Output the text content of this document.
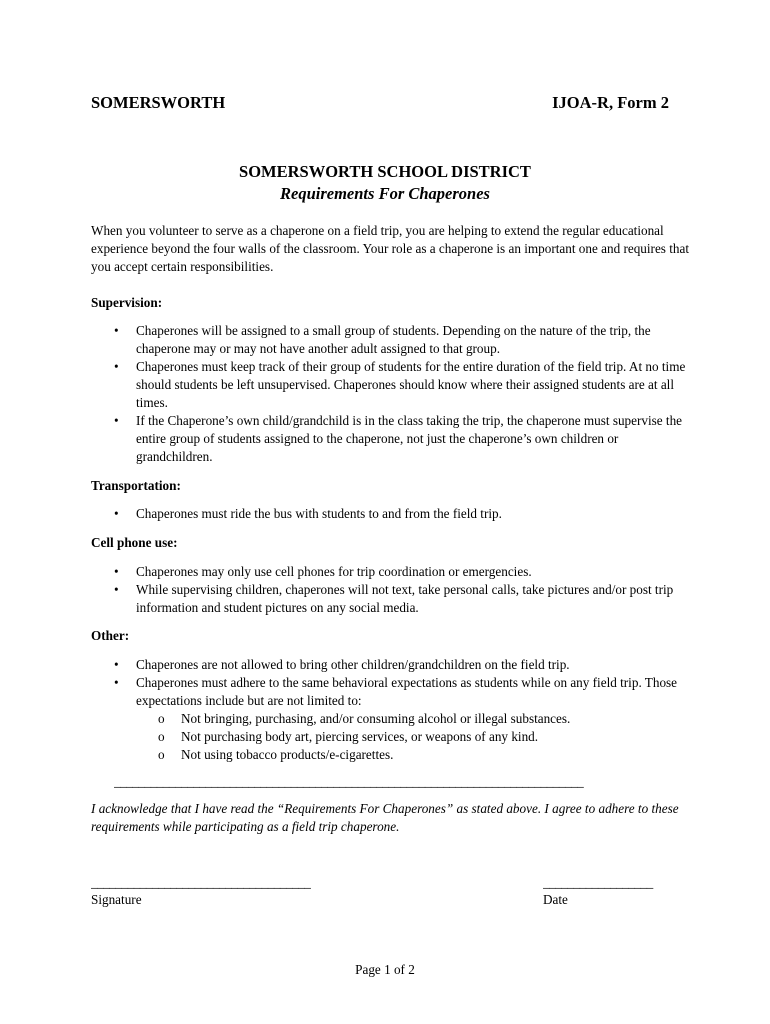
SOMERSWORTH	IJOA-R, Form 2
SOMERSWORTH SCHOOL DISTRICT
Requirements For Chaperones
When you volunteer to serve as a chaperone on a field trip, you are helping to extend the regular educational experience beyond the four walls of the classroom. Your role as a chaperone is an important one and requires that you accept certain responsibilities.
Supervision:
• Chaperones will be assigned to a small group of students. Depending on the nature of the trip, the chaperone may or may not have another adult assigned to that group.
• Chaperones must keep track of their group of students for the entire duration of the field trip. At no time should students be left unsupervised. Chaperones should know where their assigned students are at all times.
• If the Chaperone’s own child/grandchild is in the class taking the trip, the chaperone must supervise the entire group of students assigned to the chaperone, not just the chaperone’s own children or grandchildren.
Transportation:
• Chaperones must ride the bus with students to and from the field trip.
Cell phone use:
• Chaperones may only use cell phones for trip coordination or emergencies.
• While supervising children, chaperones will not text, take personal calls, take pictures and/or post trip information and student pictures on any social media.
Other:
• Chaperones are not allowed to bring other children/grandchildren on the field trip.
• Chaperones must adhere to the same behavioral expectations as students while on any field trip. Those expectations include but are not limited to:
o Not bringing, purchasing, and/or consuming alcohol or illegal substances.
o Not purchasing body art, piercing services, or weapons of any kind.
o Not using tobacco products/e-cigarettes.
_____________________________________________________________________________
I acknowledge that I have read the “Requirements For Chaperones” as stated above. I agree to adhere to these requirements while participating as a field trip chaperone.
____________________________________
Signature
__________________
Date
Page 1 of 2
